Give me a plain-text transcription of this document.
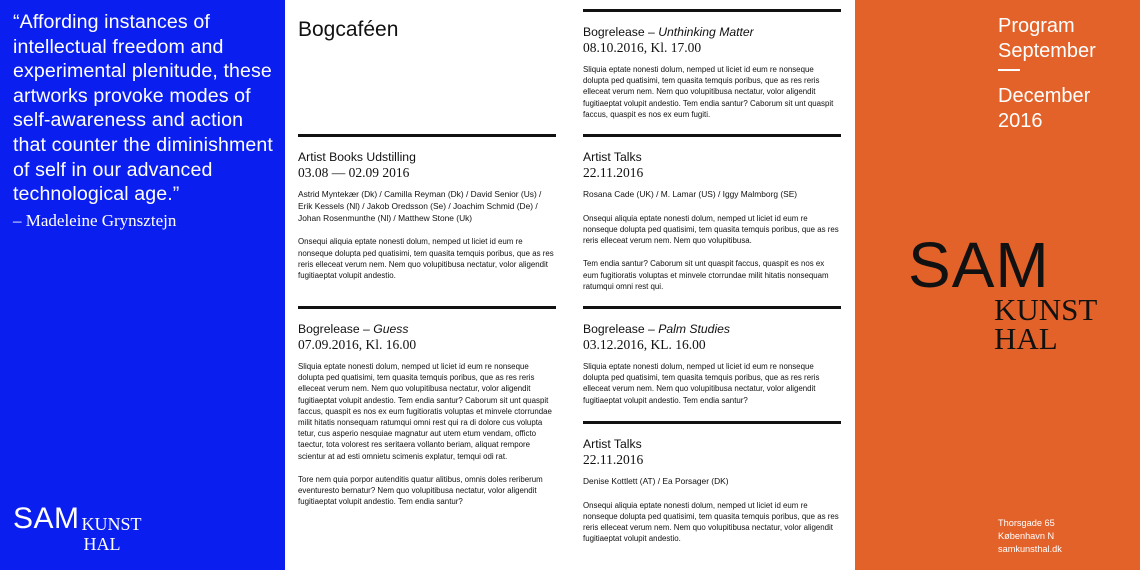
“Affording instances of intellectual freedom and experimental plenitude, these artworks provoke modes of self-awareness and action that counter the diminishment of self in our advanced technological age.”

– Madeleine Grynsztejn
SAM KUNST
HAL
Bogcaféen
Artist Books Udstilling
03.08 — 02.09 2016

Astrid Myntekær (Dk) / Camilla Reyman (Dk) / David Senior (Us) / Erik Kessels (Nl) / Jakob Oredsson (Se) / Joachim Schmid (De) / Johan Rosenmunthe (Nl) / Matthew Stone (Uk)

Onsequi aliquia eptate nonesti dolum, nemped ut liciet id eum re nonseque dolupta ped quatisimi, tem quasita temquis poribus, que as res reris elleceat verum nem. Nem quo volupitibusa nectatur, volor aligendit fugitiaeptat volupit andestio.

Bogrelease – Guess
07.09.2016, Kl. 16.00

Sliquia eptate nonesti dolum, nemped ut liciet id eum re nonseque dolupta ped quatisimi, tem quasita temquis poribus, que as res reris elleceat verum nem. Nem quo volupitibusa nectatur, volor aligendit fugitiaeptat volupit andestio. Tem endia santur? Caborum sit unt quaspit faccus, quaspit es nos ex eum fugitioratis voluptas et minvele ctorrundae milit hitatis nonsequam ratumqui omni rest qui ra di dolore cus volupta tetur, cus asperio nesquiae magnatur aut utem etum vendam, officto taectur, tota volorest res seritaera vollanto beriam, aliquat rempore scientur at ad esti omnietu scimenis explatur, temqui odi rat.

Tore nem quia porpor autenditis quatur alitibus, omnis doles reriberum eventuresto bernatur? Nem quo volupitibusa nectatur, volor aligendit fugitiaeptat volupit andestio. Tem endia santur?

Bogrelease – Unthinking Matter
08.10.2016, Kl. 17.00

Sliquia eptate nonesti dolum, nemped ut liciet id eum re nonseque dolupta ped quatisimi, tem quasita temquis poribus, que as res reris elleceat verum nem. Nem quo volupitibusa nectatur, volor aligendit fugitiaeptat volupit andestio. Tem endia santur? Caborum sit unt quaspit faccus, quaspit es nos ex eum fugiti.

Artist Talks
22.11.2016

Rosana Cade (UK) / M. Lamar (US) / Iggy Malmborg (SE)

Onsequi aliquia eptate nonesti dolum, nemped ut liciet id eum re nonseque dolupta ped quatisimi, tem quasita temquis poribus, que as res reris elleceat verum nem. Nem quo volupitibusa.

Tem endia santur? Caborum sit unt quaspit faccus, quaspit es nos ex eum fugitioratis voluptas et minvele ctorrundae milit hitatis nonsequam ratumqui omni rest qui.

Bogrelease – Palm Studies
03.12.2016, KL. 16.00

Sliquia eptate nonesti dolum, nemped ut liciet id eum re nonseque dolupta ped quatisimi, tem quasita temquis poribus, que as res reris elleceat verum nem. Nem quo volupitibusa nectatur, volor aligendit fugitiaeptat volupit andestio. Tem endia santur?

Artist Talks
22.11.2016

Denise Kottlett (AT) / Ea Porsager (DK)

Onsequi aliquia eptate nonesti dolum, nemped ut liciet id eum re nonseque dolupta ped quatisimi, tem quasita temquis poribus, que as res reris elleceat verum nem. Nem quo volupitibusa nectatur, volor aligendit fugitiaeptat volupit andestio.

Program
September
December
2016
SAM
KUNST
HAL
Thorsgade 65
København N
samkunsthal.dk
